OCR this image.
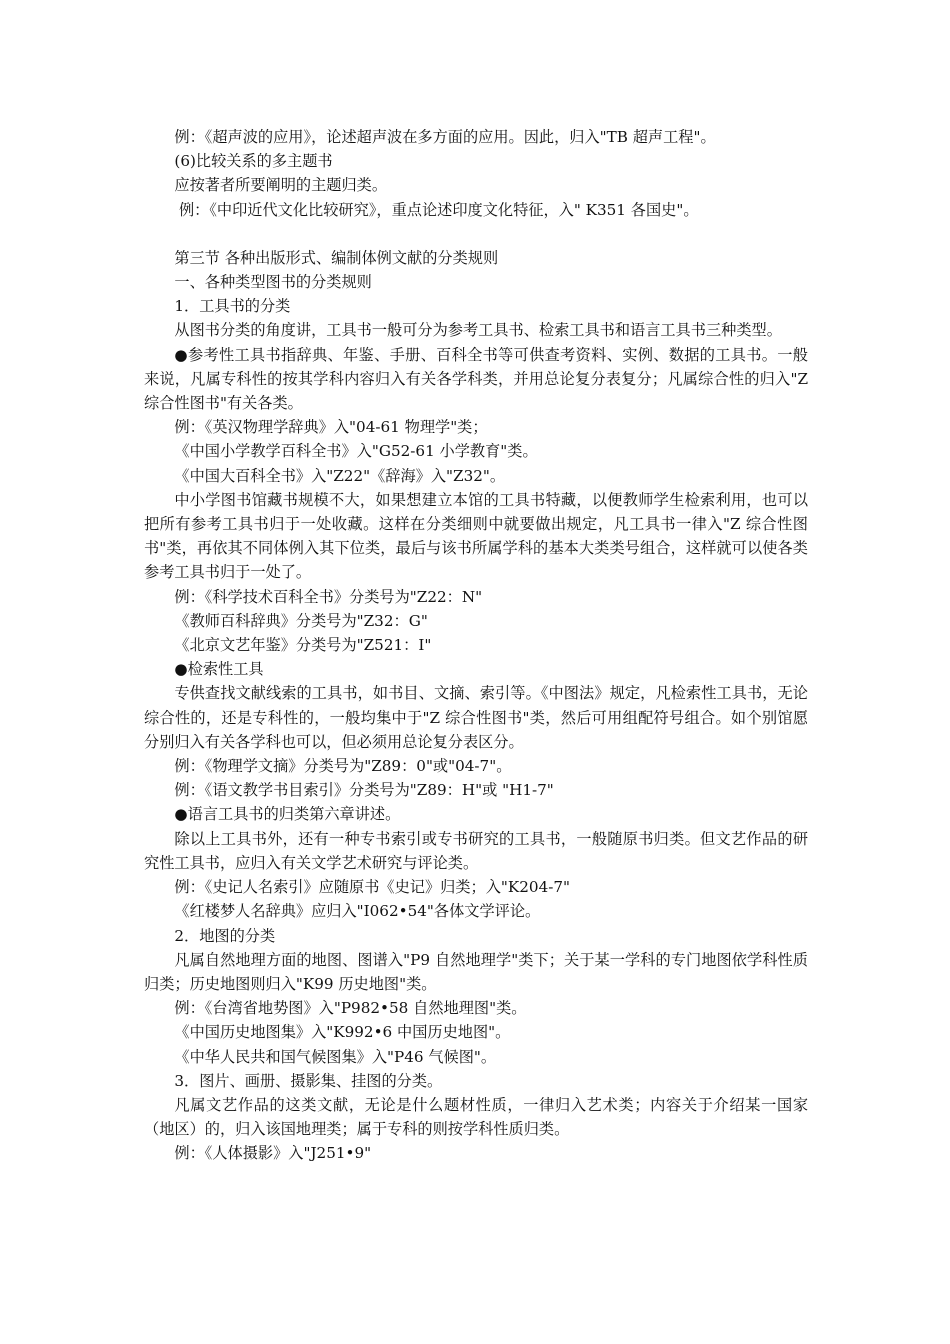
例：《超声波的应用》，论述超声波在多方面的应用。因此，归入"TB 超声工程"。

(6)比较关系的多主题书

应按著者所要阐明的主题归类。

例：《中印近代文化比较研究》，重点论述印度文化特征，入" K351 各国史"。

第三节 各种出版形式、编制体例文献的分类规则

一、各种类型图书的分类规则

1．工具书的分类

从图书分类的角度讲，工具书一般可分为参考工具书、检索工具书和语言工具书三种类型。

●参考性工具书指辞典、年鉴、手册、百科全书等可供查考资料、实例、数据的工具书。一般来说，凡属专科性的按其学科内容归入有关各学科类，并用总论复分表复分；凡属综合性的归入"Z 综合性图书"有关各类。

例：《英汉物理学辞典》入"04-61 物理学"类；

《中国小学教学百科全书》入"G52-61 小学教育"类。

《中国大百科全书》入"Z22"《辞海》入"Z32"。

中小学图书馆藏书规模不大，如果想建立本馆的工具书特藏，以便教师学生检索利用，也可以把所有参考工具书归于一处收藏。这样在分类细则中就要做出规定，凡工具书一律入"Z 综合性图书"类，再依其不同体例入其下位类，最后与该书所属学科的基本大类类号组合，这样就可以使各类参考工具书归于一处了。

例：《科学技术百科全书》分类号为"Z22：N"

《教师百科辞典》分类号为"Z32：G"

《北京文艺年鉴》分类号为"Z521：I"

●检索性工具

专供查找文献线索的工具书，如书目、文摘、索引等。《中图法》规定，凡检索性工具书，无论综合性的，还是专科性的，一般均集中于"Z 综合性图书"类，然后可用组配符号组合。如个别馆愿分别归入有关各学科也可以，但必须用总论复分表区分。

例：《物理学文摘》分类号为"Z89：0"或"04-7"。

例：《语文教学书目索引》分类号为"Z89：H"或 "H1-7"

●语言工具书的归类第六章讲述。

除以上工具书外，还有一种专书索引或专书研究的工具书，一般随原书归类。但文艺作品的研究性工具书，应归入有关文学艺术研究与评论类。

例：《史记人名索引》应随原书《史记》归类；入"K204-7"

《红楼梦人名辞典》应归入"I062•54"各体文学评论。

2．地图的分类

凡属自然地理方面的地图、图谱入"P9 自然地理学"类下；关于某一学科的专门地图依学科性质归类；历史地图则归入"K99 历史地图"类。

例：《台湾省地势图》入"P982•58 自然地理图"类。

《中国历史地图集》入"K992•6 中国历史地图"。

《中华人民共和国气候图集》入"P46 气候图"。

3．图片、画册、摄影集、挂图的分类。

凡属文艺作品的这类文献，无论是什么题材性质，一律归入艺术类；内容关于介绍某一国家（地区）的，归入该国地理类；属于专科的则按学科性质归类。

例：《人体摄影》入"J251•9"
